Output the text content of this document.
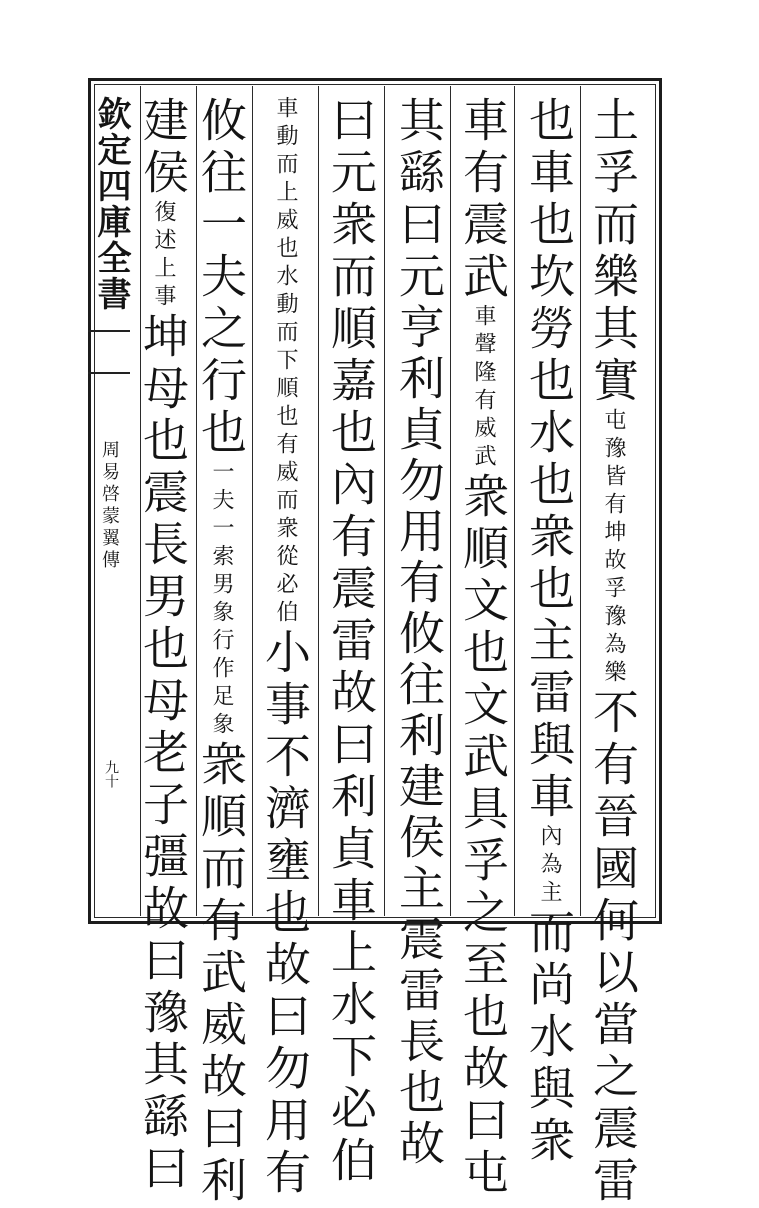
欽定四庫全書
周易啓蒙翼傳
九十
土孚而樂其實屯豫皆有坤故孚豫為樂不有晉國何以當之震雷
也車也坎勞也水也衆也主雷與車內為主而尚水與衆
車有震武車聲隆有威武衆順文也文武具孚之至也故曰屯
其繇曰元亨利貞勿用有攸往利建侯主震雷長也故
曰元衆而順嘉也內有震雷故曰利貞車上水下必伯
車動而上威也水動而下順也有威而衆從必伯小事不濟壅也故曰勿用有
攸往一夫之行也一夫一索男象行作足象衆順而有武威故曰利
建侯復述上事坤母也震長男也母老子彊故曰豫其繇曰
